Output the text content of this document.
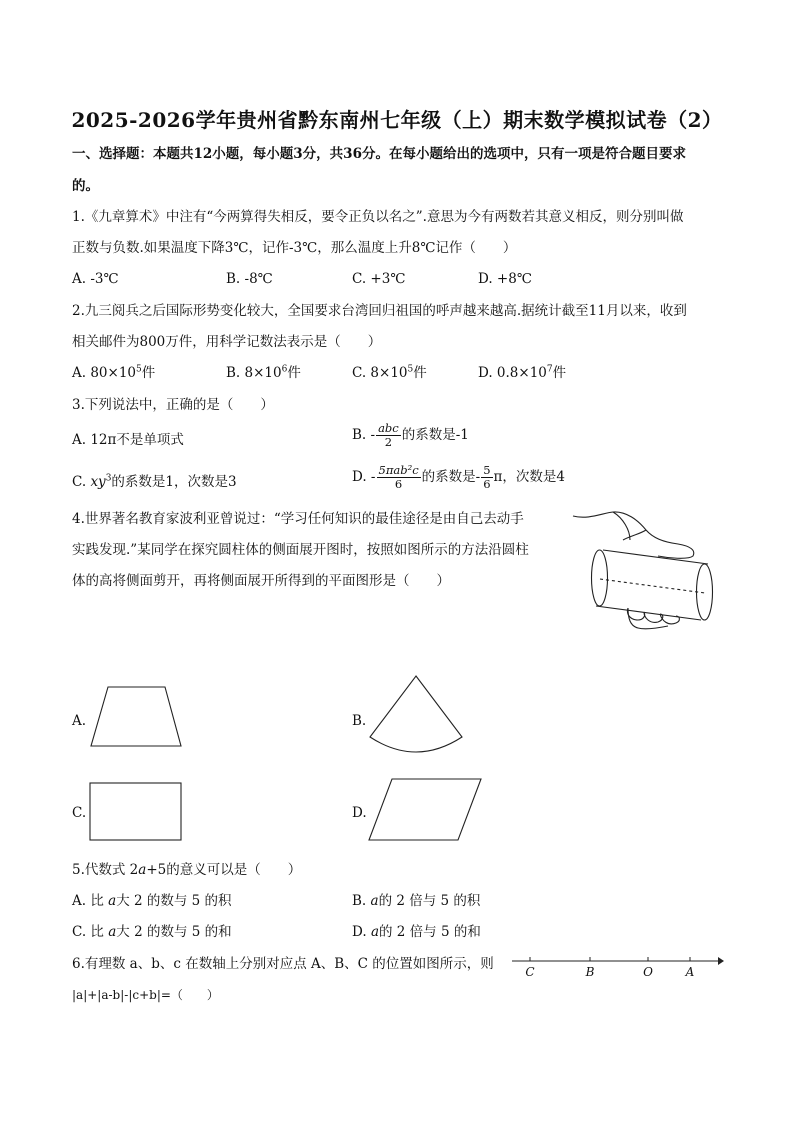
2025-2026学年贵州省黔东南州七年级（上）期末数学模拟试卷（2）
一、选择题：本题共12小题，每小题3分，共36分。在每小题给出的选项中，只有一项是符合题目要求
的。
1.《九章算术》中注有“今两算得失相反，要令正负以名之”.意思为今有两数若其意义相反，则分别叫做
正数与负数.如果温度下降3℃，记作-3℃，那么温度上升8℃记作（　　）
A. -3℃	B. -8℃	C. +3℃	D. +8℃
2.九三阅兵之后国际形势变化较大，全国要求台湾回归祖国的呼声越来越高.据统计截至11月以来，收到
相关邮件为800万件，用科学记数法表示是（　　）
A. $80\times 10^5$件	B. $8\times 10^6$件	C. $8\times 10^5$件	D. $0.8\times 10^7$件
3.下列说法中，正确的是（　　）
A. 12π不是单项式	B. - $\frac{\text{abc}}{2}$ 的系数是-1
C. $xy^3$的系数是1，次数是3	D. - $\frac{\text{5πab²c}}{6}$ 的系数是- $\frac{5}{6}$ π，次数是4
4.世界著名教育家波利亚曾说过：“学习任何知识的最佳途径是由自己去动手
实践发现.”某同学在探究圆柱体的侧面展开图时，按照如图所示的方法沿圆柱
体的高将侧面剪开，再将侧面展开所得到的平面图形是（　　）
A.	B.
C.	D.
5.代数式 2a+5的意义可以是（　　）
A. 比 a大 2 的数与 5 的积	B. a的 2 倍与 5 的积
C. 比 a大 2 的数与 5 的和	D. a的 2 倍与 5 的和
6.有理数 a、b、c 在数轴上分别对应点 A、B、C 的位置如图所示，则
|a|+|a-b|-|c+b|=（　　）
C	B	O	A
